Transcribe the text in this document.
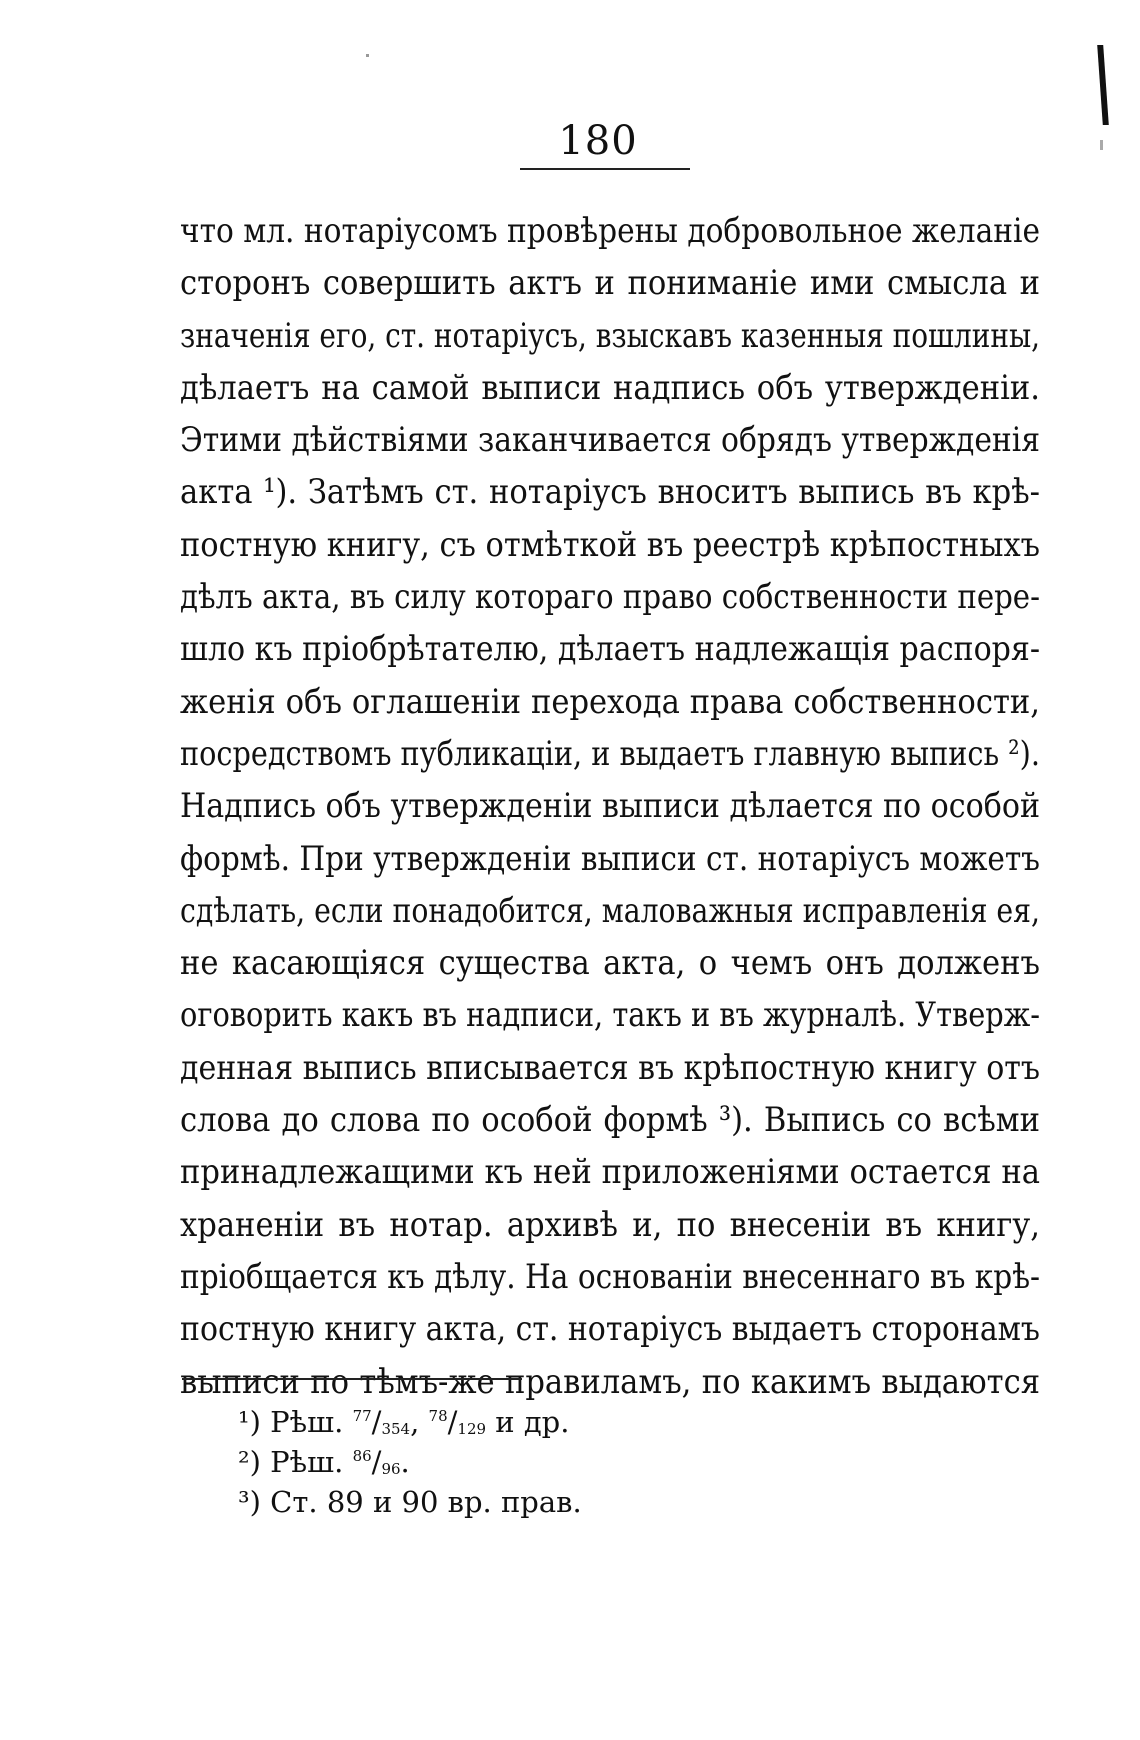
180
что мл. нотаріусомъ провѣрены добровольное желаніе
сторонъ совершить актъ и пониманіе ими смысла и
значенія его, ст. нотаріусъ, взыскавъ казенныя пошлины,
дѣлаетъ на самой выписи надпись объ утвержденіи.
Этими дѣйствіями заканчивается обрядъ утвержденія
акта ¹). Затѣмъ ст. нотаріусъ вноситъ выпись въ крѣ-
постную книгу, съ отмѣткой въ реестрѣ крѣпостныхъ
дѣлъ акта, въ силу котораго право собственности пере-
шло къ пріобрѣтателю, дѣлаетъ надлежащія распоря-
женія объ оглашеніи перехода права собственности,
посредствомъ публикаціи, и выдаетъ главную выпись ²).
Надпись объ утвержденіи выписи дѣлается по особой
формѣ. При утвержденіи выписи ст. нотаріусъ можетъ
сдѣлать, если понадобится, маловажныя исправленія ея,
не касающіяся существа акта, о чемъ онъ долженъ
оговорить какъ въ надписи, такъ и въ журналѣ. Утверж-
денная выпись вписывается въ крѣпостную книгу отъ
слова до слова по особой формѣ ³). Выпись со всѣми
принадлежащими къ ней приложеніями остается на
храненіи въ нотар. архивѣ и, по внесеніи въ книгу,
пріобщается къ дѣлу. На основаніи внесеннаго въ крѣ-
постную книгу акта, ст. нотаріусъ выдаетъ сторонамъ
выписи по тѣмъ-же правиламъ, по какимъ выдаются
¹) Рѣш. $^{77}/_{354}$, $^{78}/_{129}$ и др.
²) Рѣш. $^{86}/_{96}$.
³) Ст. 89 и 90 вр. прав.
